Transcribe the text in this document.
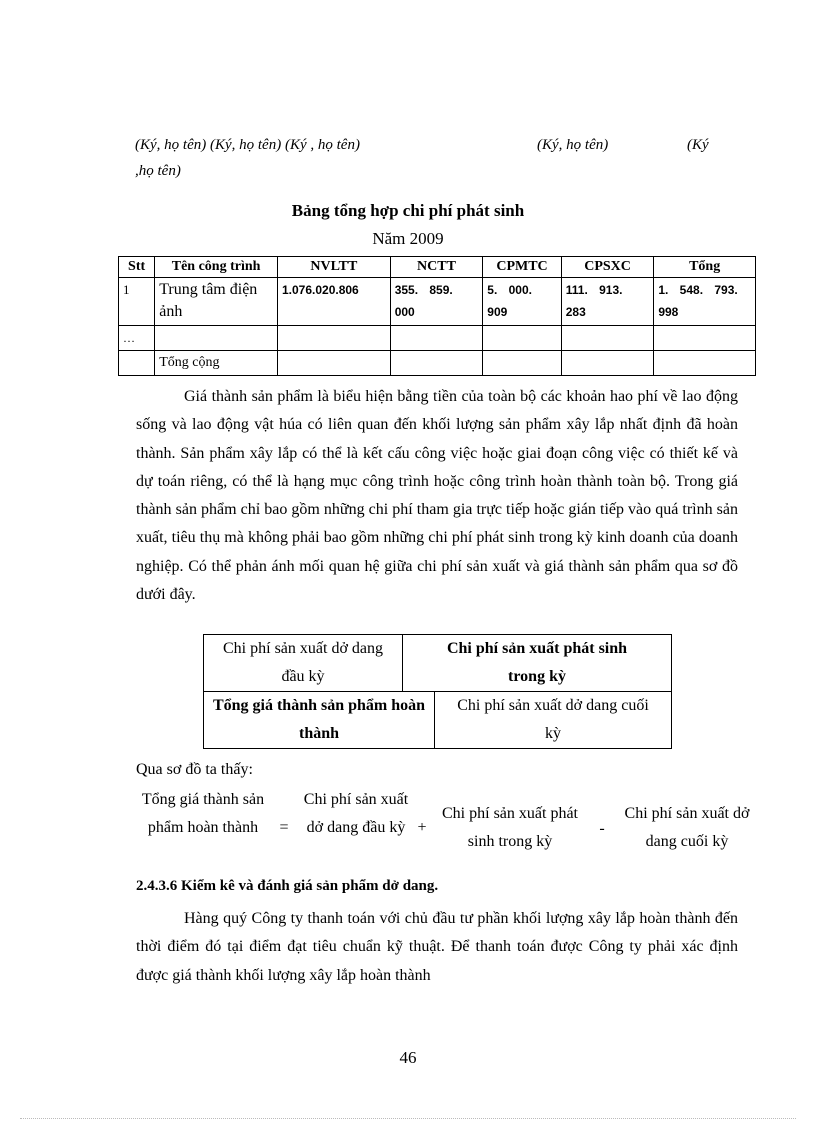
(Ký, họ tên) (Ký, họ tên) (Ký , họ tên)	(Ký, họ tên)	(Ký
,họ tên)
Bảng tổng hợp chi phí phát sinh
Năm 2009
Stt	Tên công trình	NVLTT	NCTT	CPMTC	CPSXC	Tổng
1	Trung tâm điện ảnh	1.076.020.806	355. 859. 000	5. 000. 909	111. 913. 283	1. 548. 793. 998
…						
	Tổng cộng					
Giá thành sản phẩm là biểu hiện bằng tiền của toàn bộ các khoản hao phí về lao động sống và lao động vật húa có liên quan đến khối lượng sản phẩm xây lắp nhất định đã hoàn thành. Sản phẩm xây lắp có thể là kết cấu công việc hoặc giai đoạn công việc có thiết kế và dự toán riêng, có thể là hạng mục công trình hoặc công trình hoàn thành toàn bộ. Trong giá thành sản phẩm chỉ bao gồm những chi phí tham gia trực tiếp hoặc gián tiếp vào quá trình sản xuất, tiêu thụ mà không phải bao gồm những chi phí phát sinh trong kỳ kinh doanh của doanh nghiệp. Có thể phản ánh mối quan hệ giữa chi phí sản xuất và giá thành sản phẩm qua sơ đồ dưới đây.
Chi phí sản xuất dở dang đầu kỳ
Chi phí sản xuất phát sinh trong kỳ

Tổng giá thành sản phẩm hoàn thành
Chi phí sản xuất dở dang cuối kỳ
Qua sơ đồ ta thấy:
Tổng giá thành sản phẩm hoàn thành	=
Chi phí sản xuất dở dang đầu kỳ +
Chi phí sản xuất phát sinh trong kỳ
-
Chi phí sản xuất dở dang cuối kỳ
2.4.3.6 Kiểm kê và đánh giá sản phẩm dở dang.
Hàng quý Công ty thanh toán với chủ đầu tư phần khối lượng xây lắp hoàn thành đến thời điểm đó tại điểm đạt tiêu chuẩn kỹ thuật. Để thanh toán được Công ty phải xác định được giá thành khối lượng xây lắp hoàn thành
46
